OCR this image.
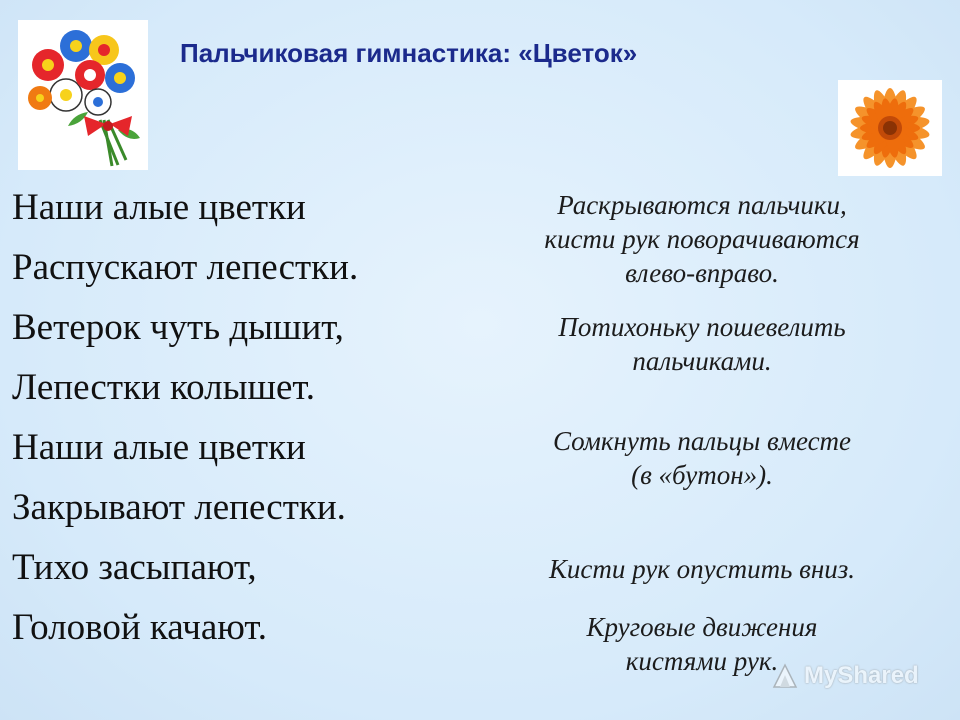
Пальчиковая гимнастика: «Цветок»
Наши алые цветки
Распускают лепестки.
Ветерок чуть дышит,
Лепестки колышет.
Наши алые цветки
Закрывают лепестки.
Тихо засыпают,
Головой качают.
Раскрываются пальчики,
кисти рук поворачиваются
влево-вправо.
Потихоньку пошевелить
пальчиками.
Сомкнуть пальцы вместе
(в «бутон»).
Кисти рук опустить вниз.
Круговые движения
кистями рук.	MyShared
